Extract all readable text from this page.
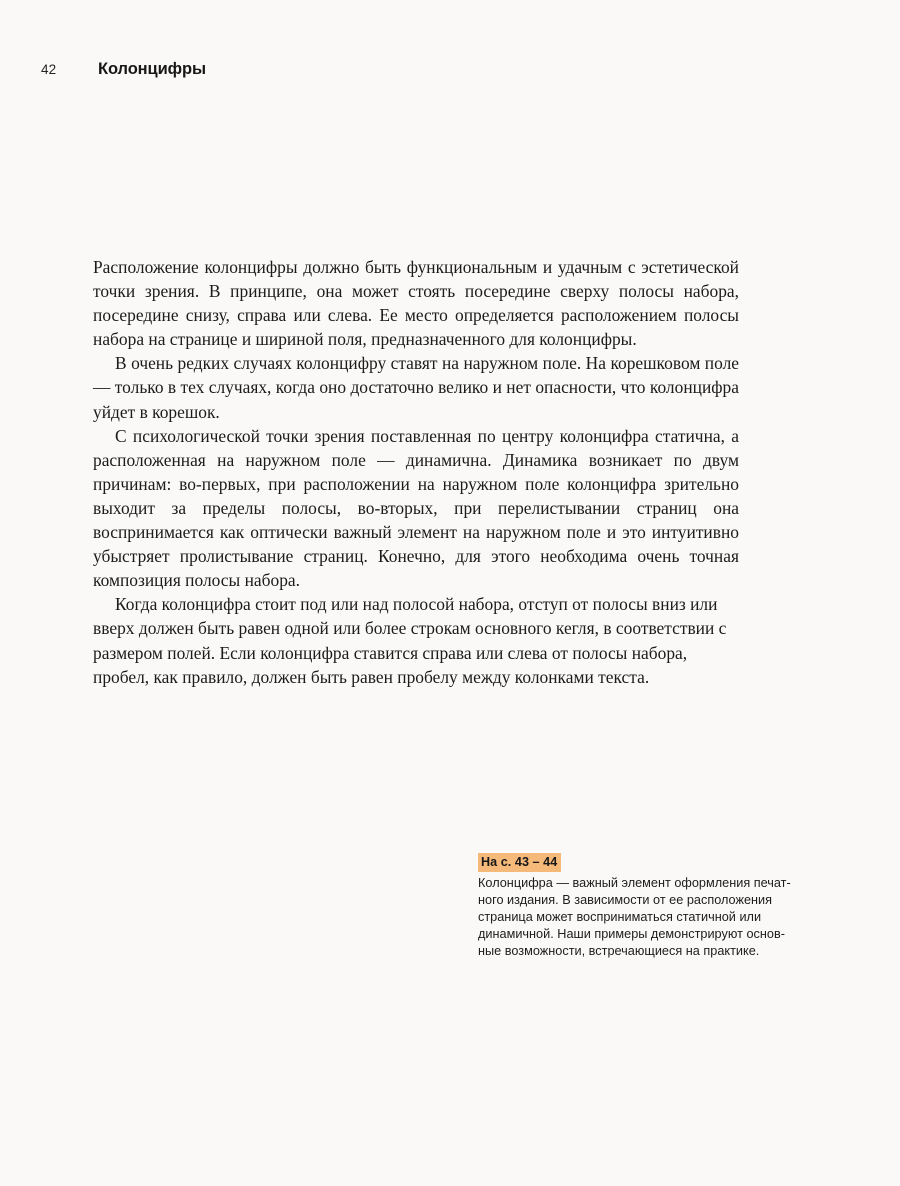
42	Колонцифры

Расположение колонцифры должно быть функциональным и удачным с эстетической точки зрения. В принципе, она может стоять посередине сверху полосы набора, посередине снизу, справа или слева. Ее место определяется расположением полосы набора на странице и шириной поля, предназначенного для колонцифры.

В очень редких случаях колонцифру ставят на наружном поле. На корешковом поле — только в тех случаях, когда оно достаточно велико и нет опасности, что колонцифра уйдет в корешок.

С психологической точки зрения поставленная по центру колонцифра статична, а расположенная на наружном поле — динамична. Динамика возникает по двум причинам: во-первых, при расположении на наружном поле колонцифра зрительно выходит за пределы полосы, во-вторых, при перелистывании страниц она воспринимается как оптически важный элемент на наружном поле и это интуитивно убыстряет пролистывание страниц. Конечно, для этого необходима очень точная композиция полосы набора.

Когда колонцифра стоит под или над полосой набора, отступ от полосы вниз или вверх должен быть равен одной или более строкам основного кегля, в соответствии с размером полей. Если колонцифра ставится справа или слева от полосы набора, пробел, как правило, должен быть равен пробелу между колонками текста.

На с. 43 – 44
Колонцифра — важный элемент оформления печат-
ного издания. В зависимости от ее расположения
страница может восприниматься статичной или
динамичной. Наши примеры демонстрируют основ-
ные возможности, встречающиеся на практике.
